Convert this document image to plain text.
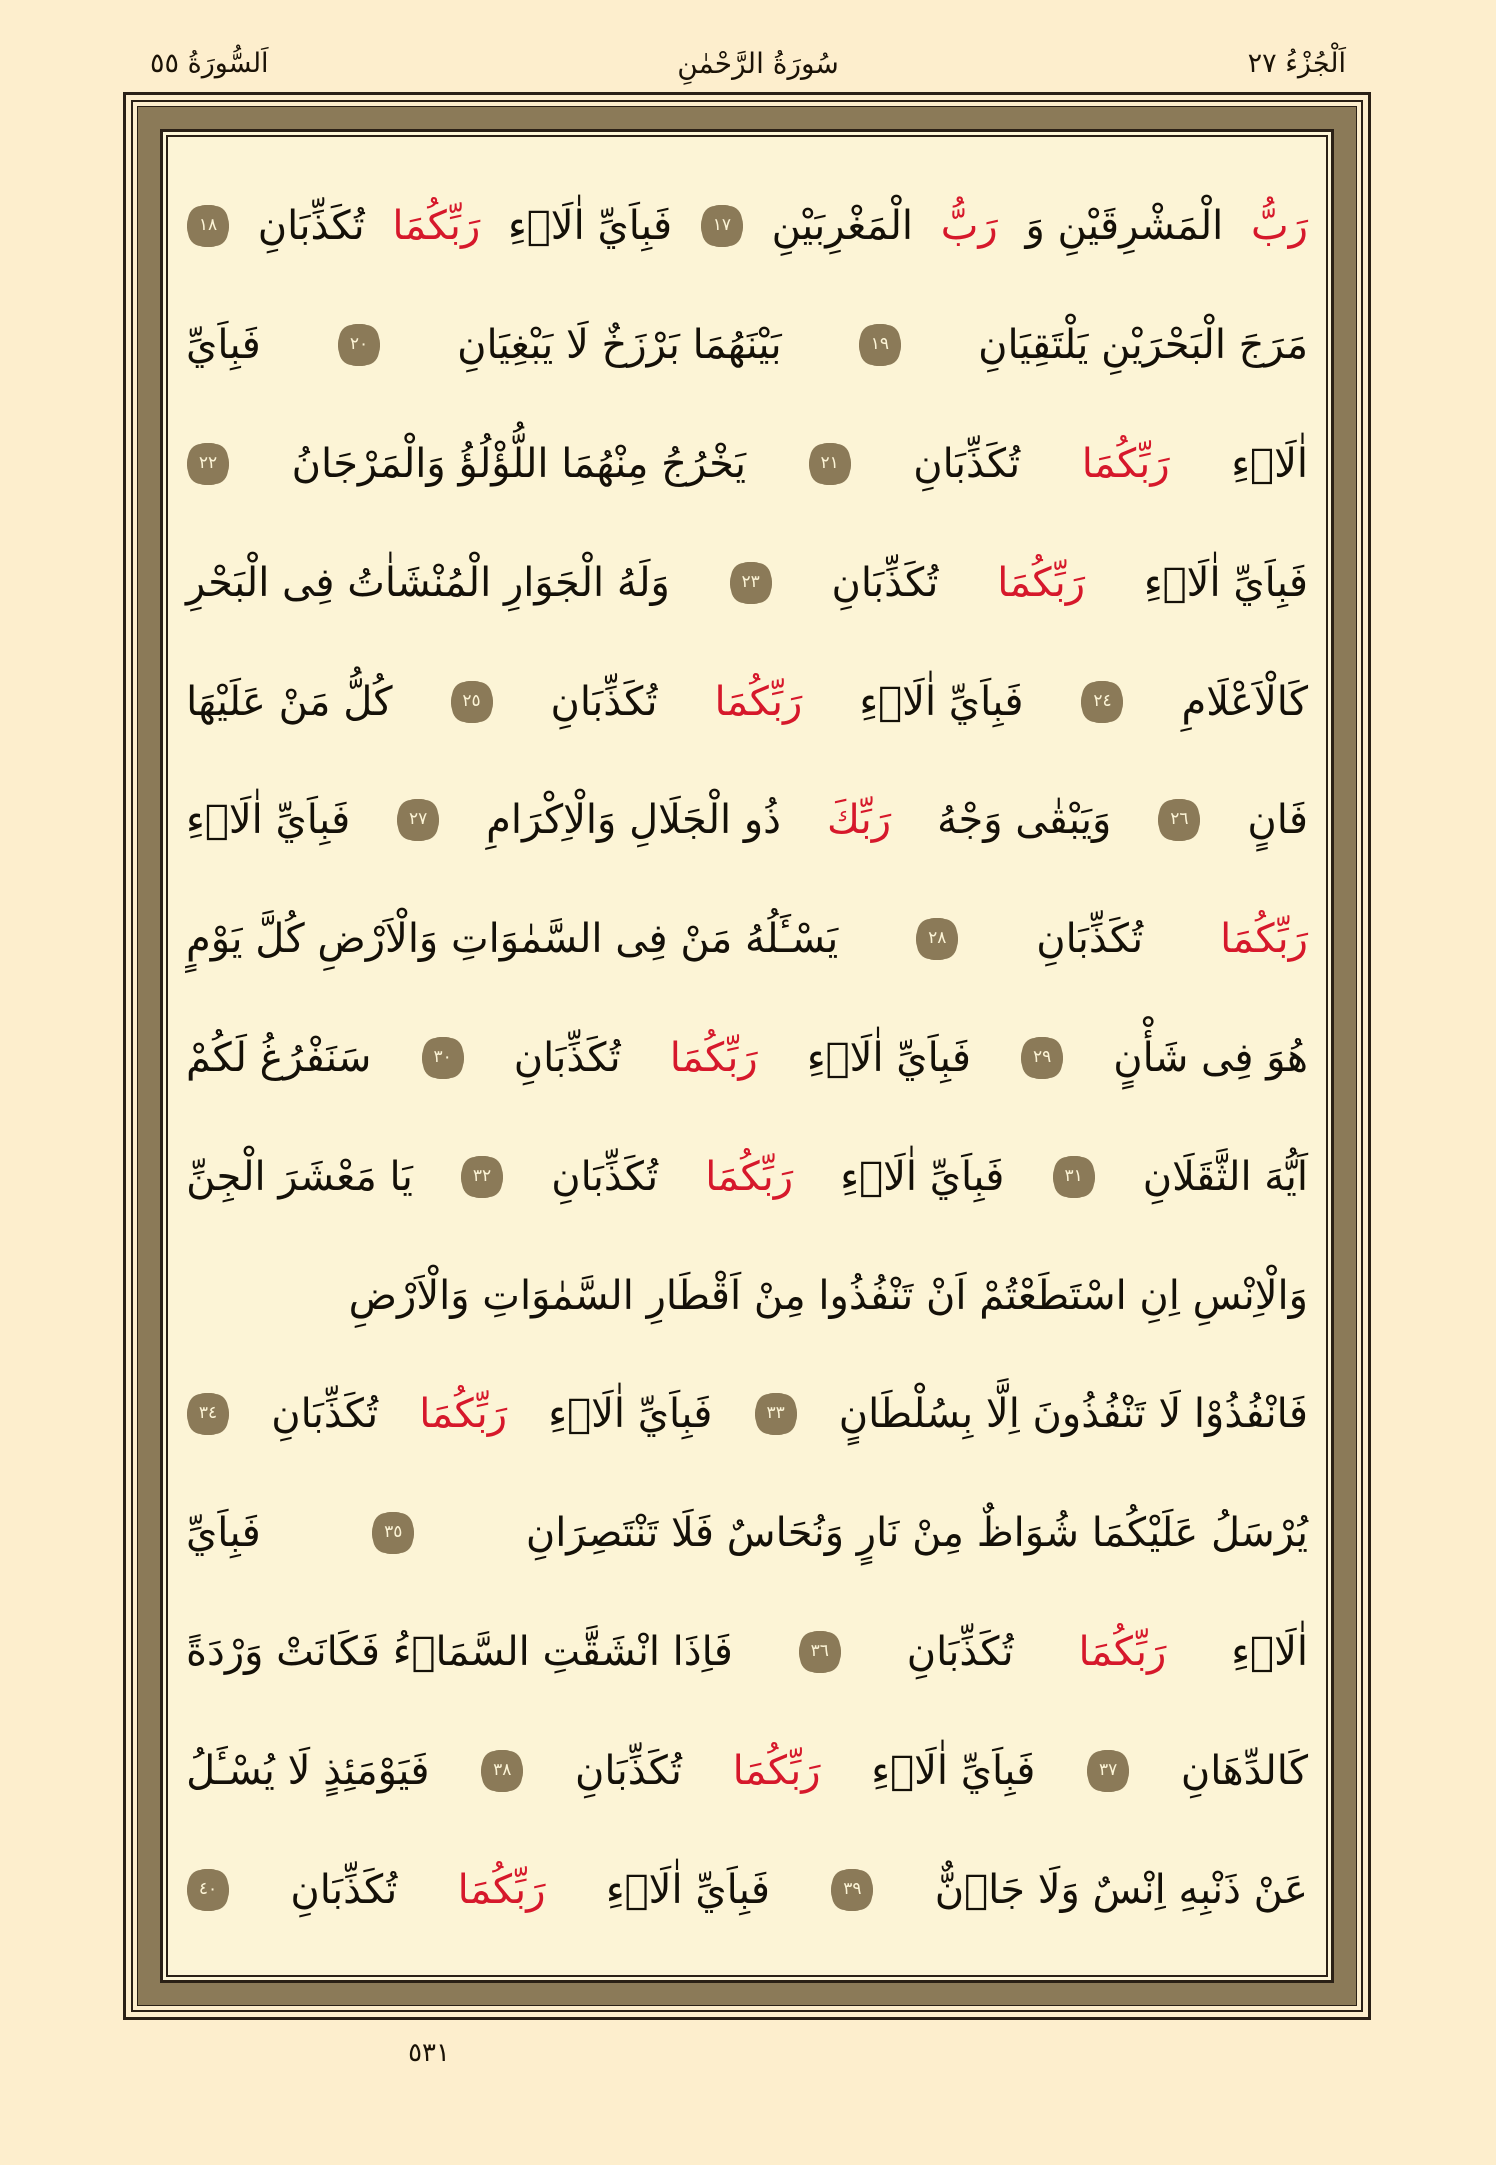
اَلْجُزْءُ ٢٧
سُورَةُ الرَّحْمٰنِ
اَلسُّورَةُ ٥٥
رَبُّ
الْمَشْرِقَيْنِ وَ
رَبُّ
الْمَغْرِبَيْنِ
١٧
فَبِاَيِّ اٰلَاۤءِ
رَبِّكُمَا
تُكَذِّبَانِ
١٨
مَرَجَ الْبَحْرَيْنِ يَلْتَقِيَانِ
١٩
بَيْنَهُمَا بَرْزَخٌ لَا يَبْغِيَانِ
٢٠
فَبِاَيِّ
اٰلَاۤءِ
رَبِّكُمَا
تُكَذِّبَانِ
٢١
يَخْرُجُ مِنْهُمَا اللُّؤْلُؤُ وَالْمَرْجَانُ
٢٢
فَبِاَيِّ اٰلَاۤءِ
رَبِّكُمَا
تُكَذِّبَانِ
٢٣
وَلَهُ الْجَوَارِ الْمُنْشَاٰتُ فِى الْبَحْرِ
كَالْاَعْلَامِ
٢٤
فَبِاَيِّ اٰلَاۤءِ
رَبِّكُمَا
تُكَذِّبَانِ
٢٥
كُلُّ مَنْ عَلَيْهَا
فَانٍ
٢٦
وَيَبْقٰى وَجْهُ
رَبِّكَ
ذُو الْجَلَالِ وَالْاِكْرَامِ
٢٧
فَبِاَيِّ اٰلَاۤءِ
رَبِّكُمَا
تُكَذِّبَانِ
٢٨
يَسْـَٔلُهُ مَنْ فِى السَّمٰوَاتِ وَالْاَرْضِ كُلَّ يَوْمٍ
هُوَ فِى شَأْنٍ
٢٩
فَبِاَيِّ اٰلَاۤءِ
رَبِّكُمَا
تُكَذِّبَانِ
٣٠
سَنَفْرُغُ لَكُمْ
اَيُّهَ الثَّقَلَانِ
٣١
فَبِاَيِّ اٰلَاۤءِ
رَبِّكُمَا
تُكَذِّبَانِ
٣٢
يَا مَعْشَرَ الْجِنِّ
وَالْاِنْسِ اِنِ اسْتَطَعْتُمْ اَنْ تَنْفُذُوا مِنْ اَقْطَارِ السَّمٰوَاتِ وَالْاَرْضِ
فَانْفُذُوْا لَا تَنْفُذُونَ اِلَّا بِسُلْطَانٍ
٣٣
فَبِاَيِّ اٰلَاۤءِ
رَبِّكُمَا
تُكَذِّبَانِ
٣٤
يُرْسَلُ عَلَيْكُمَا شُوَاظٌ مِنْ نَارٍ وَنُحَاسٌ فَلَا تَنْتَصِرَانِ
٣٥
فَبِاَيِّ
اٰلَاۤءِ
رَبِّكُمَا
تُكَذِّبَانِ
٣٦
فَاِذَا انْشَقَّتِ السَّمَاۤءُ فَكَانَتْ وَرْدَةً
كَالدِّهَانِ
٣٧
فَبِاَيِّ اٰلَاۤءِ
رَبِّكُمَا
تُكَذِّبَانِ
٣٨
فَيَوْمَئِذٍ لَا يُسْـَٔلُ
عَنْ ذَنْبِهِ اِنْسٌ وَلَا جَاۤنٌّ
٣٩
فَبِاَيِّ اٰلَاۤءِ
رَبِّكُمَا
تُكَذِّبَانِ
٤٠
٥٣١
